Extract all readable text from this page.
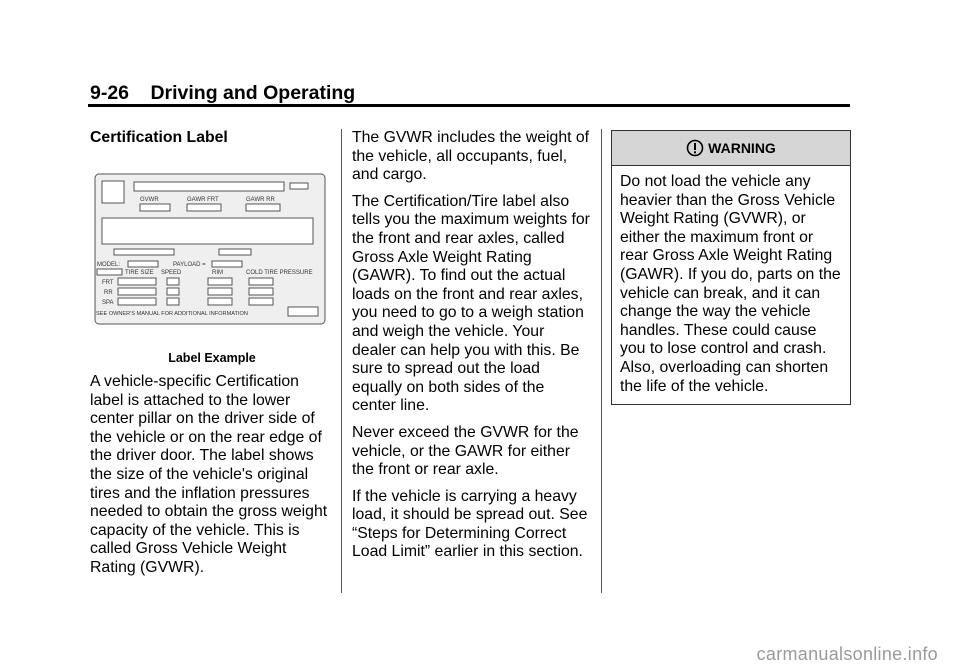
9-26 Driving and Operating

Certification Label

GVWR	GAWR FRT	GAWR RR
MODEL:	PAYLOAD =
TIRE SIZE SPEED	RIM	COLD TIRE PRESSURE
FRT
RR
SPA
SEE OWNER'S MANUAL FOR ADDITIONAL INFORMATION
Label Example
A vehicle-specific Certification label is attached to the lower center pillar on the driver side of the vehicle or on the rear edge of the driver door. The label shows the size of the vehicle's original tires and the inflation pressures needed to obtain the gross weight capacity of the vehicle. This is called Gross Vehicle Weight Rating (GVWR).

The GVWR includes the weight of the vehicle, all occupants, fuel, and cargo.

The Certification/Tire label also tells you the maximum weights for the front and rear axles, called Gross Axle Weight Rating (GAWR). To find out the actual loads on the front and rear axles, you need to go to a weigh station and weigh the vehicle. Your dealer can help you with this. Be sure to spread out the load equally on both sides of the center line.

Never exceed the GVWR for the vehicle, or the GAWR for either the front or rear axle.

If the vehicle is carrying a heavy load, it should be spread out. See “Steps for Determining Correct Load Limit” earlier in this section.

WARNING
Do not load the vehicle any heavier than the Gross Vehicle Weight Rating (GVWR), or either the maximum front or rear Gross Axle Weight Rating (GAWR). If you do, parts on the vehicle can break, and it can change the way the vehicle handles. These could cause you to lose control and crash. Also, overloading can shorten the life of the vehicle.
carmanualsonline.info
